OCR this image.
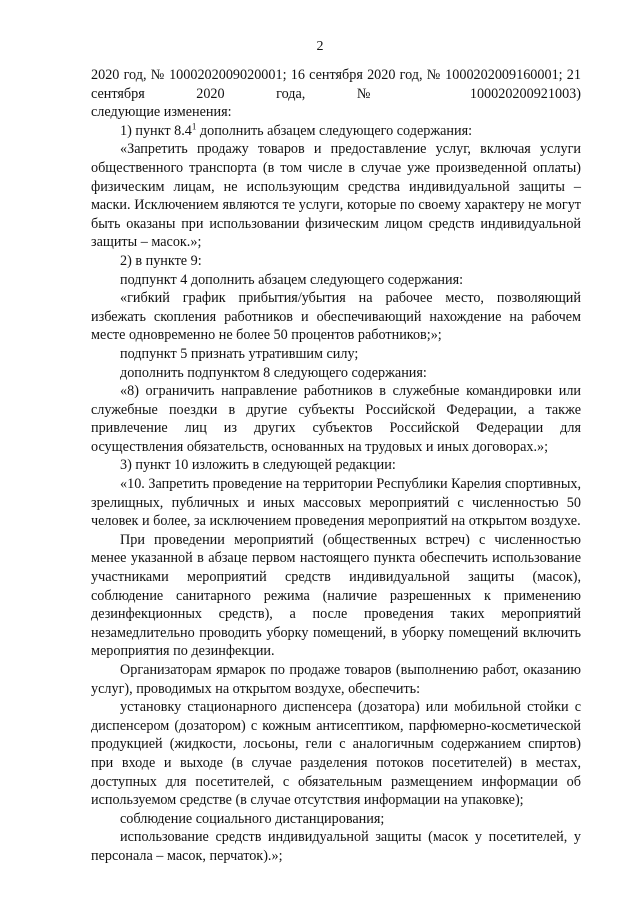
2

2020 год, № 1000202009020001; 16 сентября 2020 год, № 1000202009160001; 21 сентября 2020 года, № 100020200921003)

следующие изменения:

1) пункт $8.4^1$ дополнить абзацем следующего содержания:

«Запретить продажу товаров и предоставление услуг, включая услуги общественного транспорта (в том числе в случае уже произведенной оплаты) физическим лицам, не использующим средства индивидуальной защиты – маски. Исключением являются те услуги, которые по своему характеру не могут быть оказаны при использовании физическим лицом средств индивидуальной защиты – масок.»;

2) в пункте 9:

подпункт 4 дополнить абзацем следующего содержания:

«гибкий график прибытия/убытия на рабочее место, позволяющий избежать скопления работников и обеспечивающий нахождение на рабочем месте одновременно не более 50 процентов работников;»;

подпункт 5 признать утратившим силу;

дополнить подпунктом 8 следующего содержания:

«8) ограничить направление работников в служебные командировки или служебные поездки в другие субъекты Российской Федерации, а также привлечение лиц из других субъектов Российской Федерации для осуществления обязательств, основанных на трудовых и иных договорах.»;

3) пункт 10 изложить в следующей редакции:

«10. Запретить проведение на территории Республики Карелия спортивных, зрелищных, публичных и иных массовых мероприятий с численностью 50 человек и более, за исключением проведения мероприятий на открытом воздухе.

При проведении мероприятий (общественных встреч) с численностью менее указанной в абзаце первом настоящего пункта обеспечить использование участниками мероприятий средств индивидуальной защиты (масок), соблюдение санитарного режима (наличие разрешенных к применению дезинфекционных средств), а после проведения таких мероприятий незамедлительно проводить уборку помещений, в уборку помещений включить мероприятия по дезинфекции.

Организаторам ярмарок по продаже товаров (выполнению работ, оказанию услуг), проводимых на открытом воздухе, обеспечить:

установку стационарного диспенсера (дозатора) или мобильной стойки с диспенсером (дозатором) с кожным антисептиком, парфюмерно-косметической продукцией (жидкости, лосьоны, гели с аналогичным содержанием спиртов) при входе и выходе (в случае разделения потоков посетителей) в местах, доступных для посетителей, с обязательным размещением информации об используемом средстве (в случае отсутствия информации на упаковке);

соблюдение социального дистанцирования;

использование средств индивидуальной защиты (масок у посетителей, у персонала – масок, перчаток).»;
